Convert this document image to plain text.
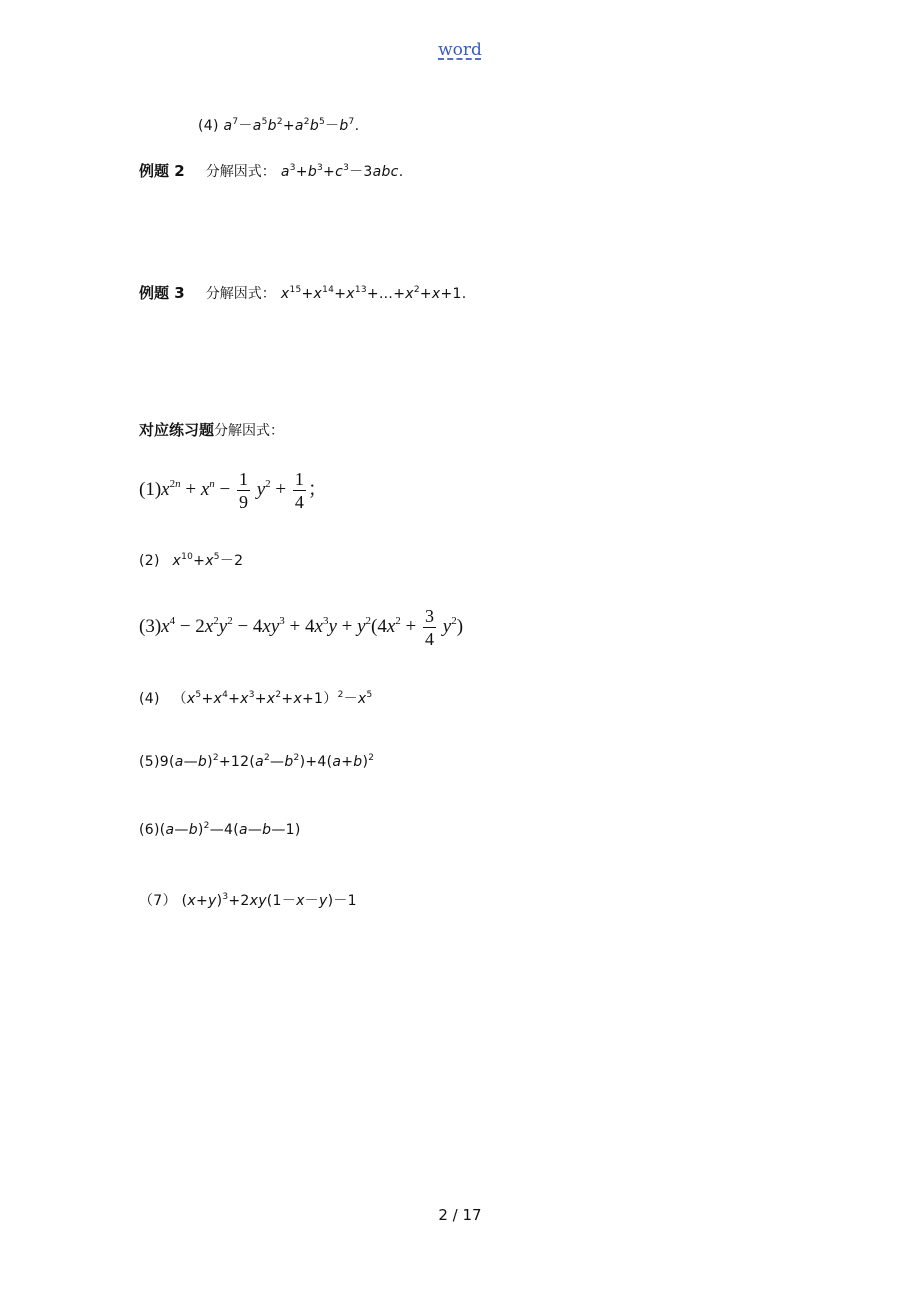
word
(4) $a^7-a^5b^2+a^2b^5-b^7$.
例题 2 分解因式： $a^3+b^3+c^3-3abc$.
例题 3 分解因式： $x^{15}+x^{14}+x^{13}+\dots+x^2+x+1$.
对应练习题分解因式：
$(1)x^{2n} + x^n - \frac{1}{9} y^2 + \frac{1}{4}$ ；
(2) $x^{10}+x^5-2$
$(3)x^4 - 2x^2y^2 - 4xy^3 + 4x^3y + y^2(4x^2 + \frac{3}{4} y^2)$
(4) $(x^5+x^4+x^3+x^2+x+1)^2-x^5$
$(5)9(a—b)^2+12(a^2—b^2)+4(a+b)^2$
(6)(a—b)$^2$—4(a—b—1)
（7） $(x+y)^3+2xy(1-x-y)-1$
2 / 17
